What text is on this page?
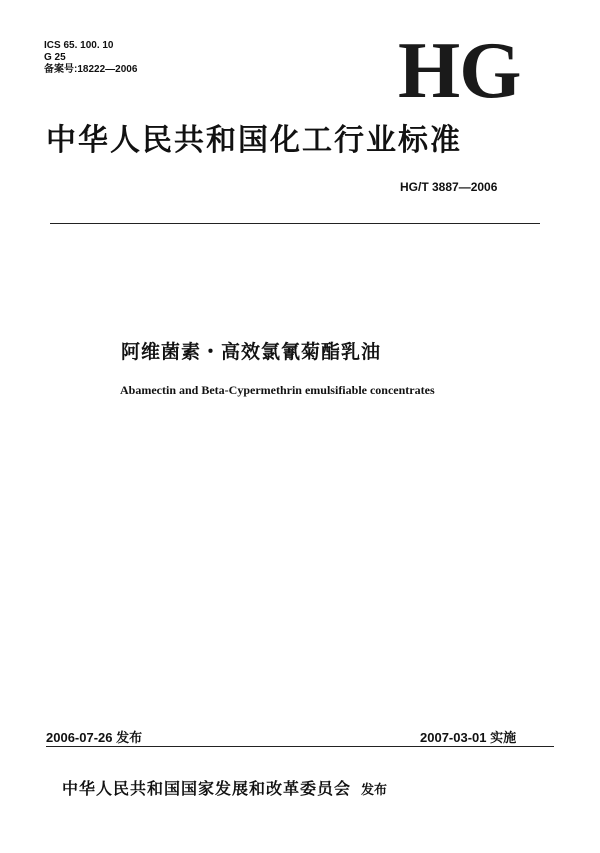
ICS 65. 100. 10
G 25
备案号:18222—2006	HG
中华人民共和国化工行业标准
HG/T 3887—2006
阿维菌素・高效氯氰菊酯乳油
Abamectin and Beta-Cypermethrin emulsifiable concentrates
2006-07-26 发布	2007-03-01 实施
中华人民共和国国家发展和改革委员会 发布
